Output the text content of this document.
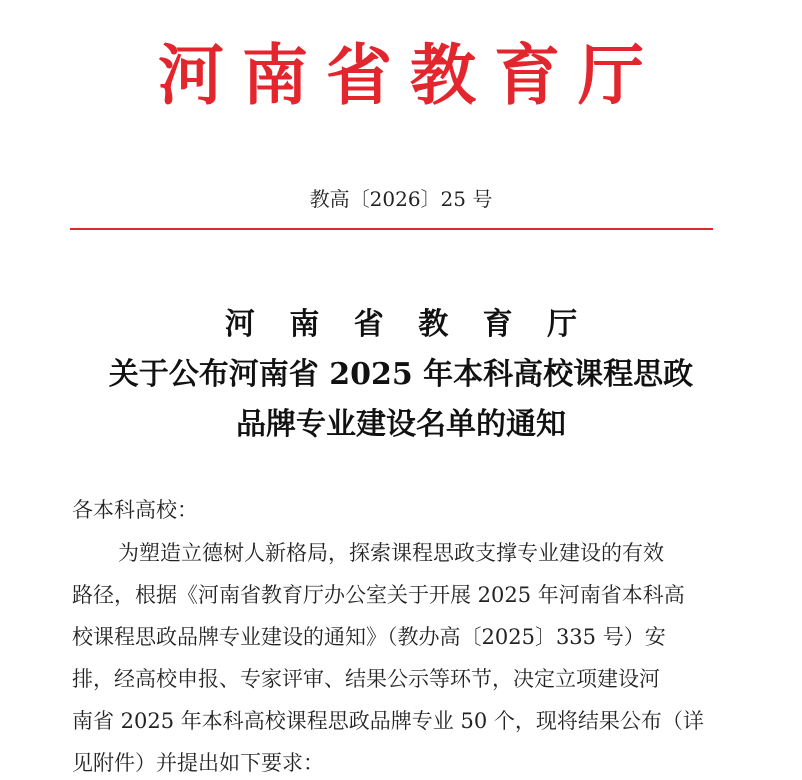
河南省教育厅
教高〔2026〕25 号
河 南 省 教 育 厅
关于公布河南省 2025 年本科高校课程思政
品牌专业建设名单的通知
各本科高校：
为塑造立德树人新格局，探索课程思政支撑专业建设的有效
路径，根据《河南省教育厅办公室关于开展 2025 年河南省本科高
校课程思政品牌专业建设的通知》（教办高〔2025〕335 号）安
排，经高校申报、专家评审、结果公示等环节，决定立项建设河
南省 2025 年本科高校课程思政品牌专业 50 个，现将结果公布（详
见附件）并提出如下要求：
